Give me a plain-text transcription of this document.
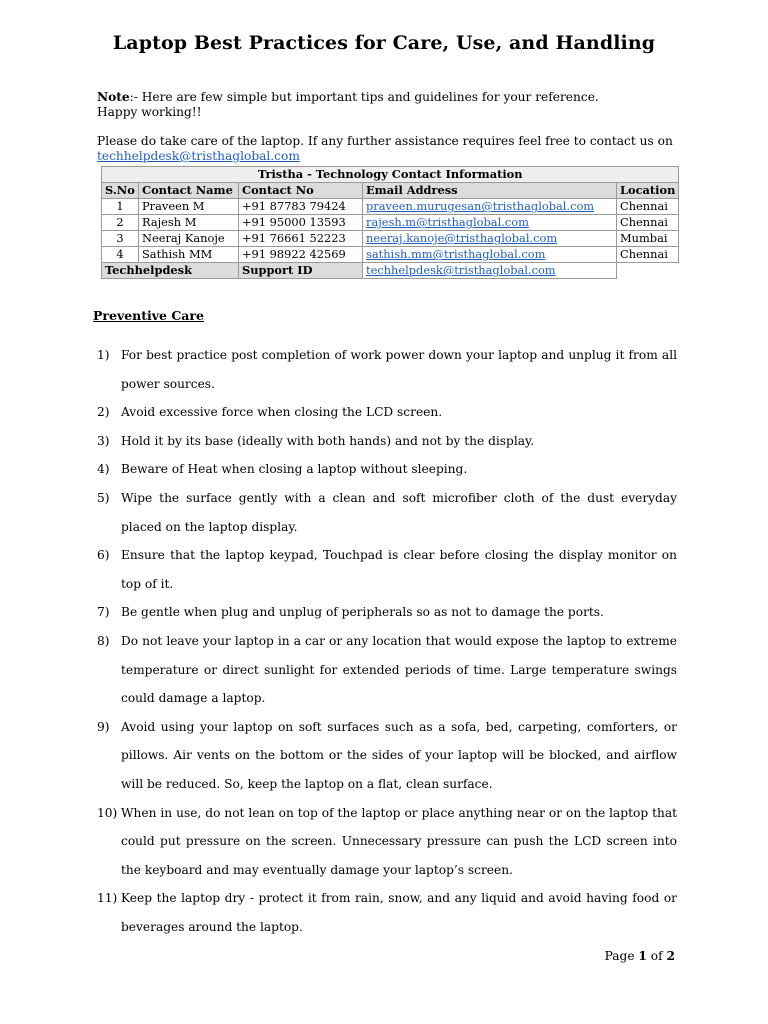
Laptop Best Practices for Care, Use, and Handling
Note:- Here are few simple but important tips and guidelines for your reference.
Happy working!!
Please do take care of the laptop. If any further assistance requires feel free to contact us on
techhelpdesk@tristhaglobal.com
Tristha - Technology Contact Information				
S.No	Contact Name	Contact No	Email Address	Location
1	Praveen M	+91 87783 79424	praveen.murugesan@tristhaglobal.com	Chennai
2	Rajesh M	+91 95000 13593	rajesh.m@tristhaglobal.com	Chennai
3	Neeraj Kanoje	+91 76661 52223	neeraj.kanoje@tristhaglobal.com	Mumbai
4	Sathish MM	+91 98922 42569	sathish.mm@tristhaglobal.com	Chennai
Techhelpdesk		Support ID	techhelpdesk@tristhaglobal.com	
Preventive Care
1) For best practice post completion of work power down your laptop and unplug it from all power sources.
2) Avoid excessive force when closing the LCD screen.
3) Hold it by its base (ideally with both hands) and not by the display.
4) Beware of Heat when closing a laptop without sleeping.
5) Wipe the surface gently with a clean and soft microfiber cloth of the dust everyday placed on the laptop display.
6) Ensure that the laptop keypad, Touchpad is clear before closing the display monitor on top of it.
7) Be gentle when plug and unplug of peripherals so as not to damage the ports.
8) Do not leave your laptop in a car or any location that would expose the laptop to extreme temperature or direct sunlight for extended periods of time. Large temperature swings could damage a laptop.
9) Avoid using your laptop on soft surfaces such as a sofa, bed, carpeting, comforters, or pillows. Air vents on the bottom or the sides of your laptop will be blocked, and airflow will be reduced. So, keep the laptop on a flat, clean surface.
10) When in use, do not lean on top of the laptop or place anything near or on the laptop that could put pressure on the screen. Unnecessary pressure can push the LCD screen into the keyboard and may eventually damage your laptop’s screen.
11) Keep the laptop dry - protect it from rain, snow, and any liquid and avoid having food or beverages around the laptop.
Page 1 of 2
